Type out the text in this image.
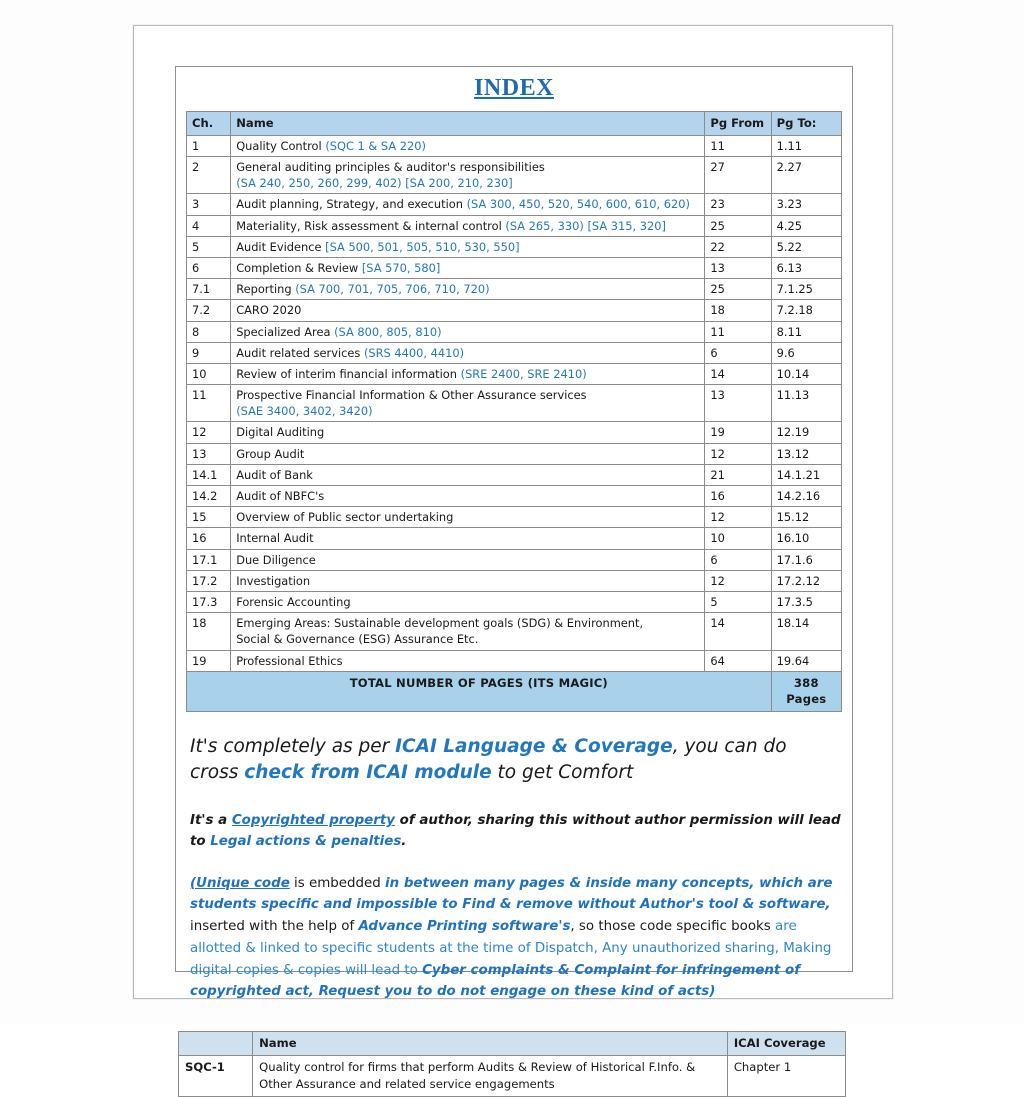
INDEX
Ch.	Name	Pg From	Pg To:
1	Quality Control (SQC 1 & SA 220)	11	1.11
2	General auditing principles & auditor's responsibilities
(SA 240, 250, 260, 299, 402) [SA 200, 210, 230]	27	2.27
3	Audit planning, Strategy, and execution (SA 300, 450, 520, 540, 600, 610, 620)	23	3.23
4	Materiality, Risk assessment & internal control (SA 265, 330) [SA 315, 320]	25	4.25
5	Audit Evidence [SA 500, 501, 505, 510, 530, 550]	22	5.22
6	Completion & Review [SA 570, 580]	13	6.13
7.1	Reporting (SA 700, 701, 705, 706, 710, 720)	25	7.1.25
7.2	CARO 2020	18	7.2.18
8	Specialized Area (SA 800, 805, 810)	11	8.11
9	Audit related services (SRS 4400, 4410)	6	9.6
10	Review of interim financial information (SRE 2400, SRE 2410)	14	10.14
11	Prospective Financial Information & Other Assurance services
(SAE 3400, 3402, 3420)	13	11.13
12	Digital Auditing	19	12.19
13	Group Audit	12	13.12
14.1	Audit of Bank	21	14.1.21
14.2	Audit of NBFC's	16	14.2.16
15	Overview of Public sector undertaking	12	15.12
16	Internal Audit	10	16.10
17.1	Due Diligence	6	17.1.6
17.2	Investigation	12	17.2.12
17.3	Forensic Accounting	5	17.3.5
18	Emerging Areas: Sustainable development goals (SDG) & Environment,
Social & Governance (ESG) Assurance Etc.	14	18.14
19	Professional Ethics	64	19.64
TOTAL NUMBER OF PAGES (ITS MAGIC)			388 Pages

It's completely as per ICAI Language & Coverage, you can do cross check from ICAI module to get Comfort

It's a Copyrighted property of author, sharing this without author permission will lead to Legal actions & penalties.

(Unique code is embedded in between many pages & inside many concepts, which are students specific and impossible to Find & remove without Author's tool & software, inserted with the help of Advance Printing software's, so those code specific books are allotted & linked to specific students at the time of Dispatch, Any unauthorized sharing, Making digital copies & copies will lead to Cyber complaints & Complaint for infringement of copyrighted act, Request you to do not engage on these kind of acts)

	Name	ICAI Coverage
SQC-1	Quality control for firms that perform Audits & Review of Historical F.Info. &
Other Assurance and related service engagements	Chapter 1
